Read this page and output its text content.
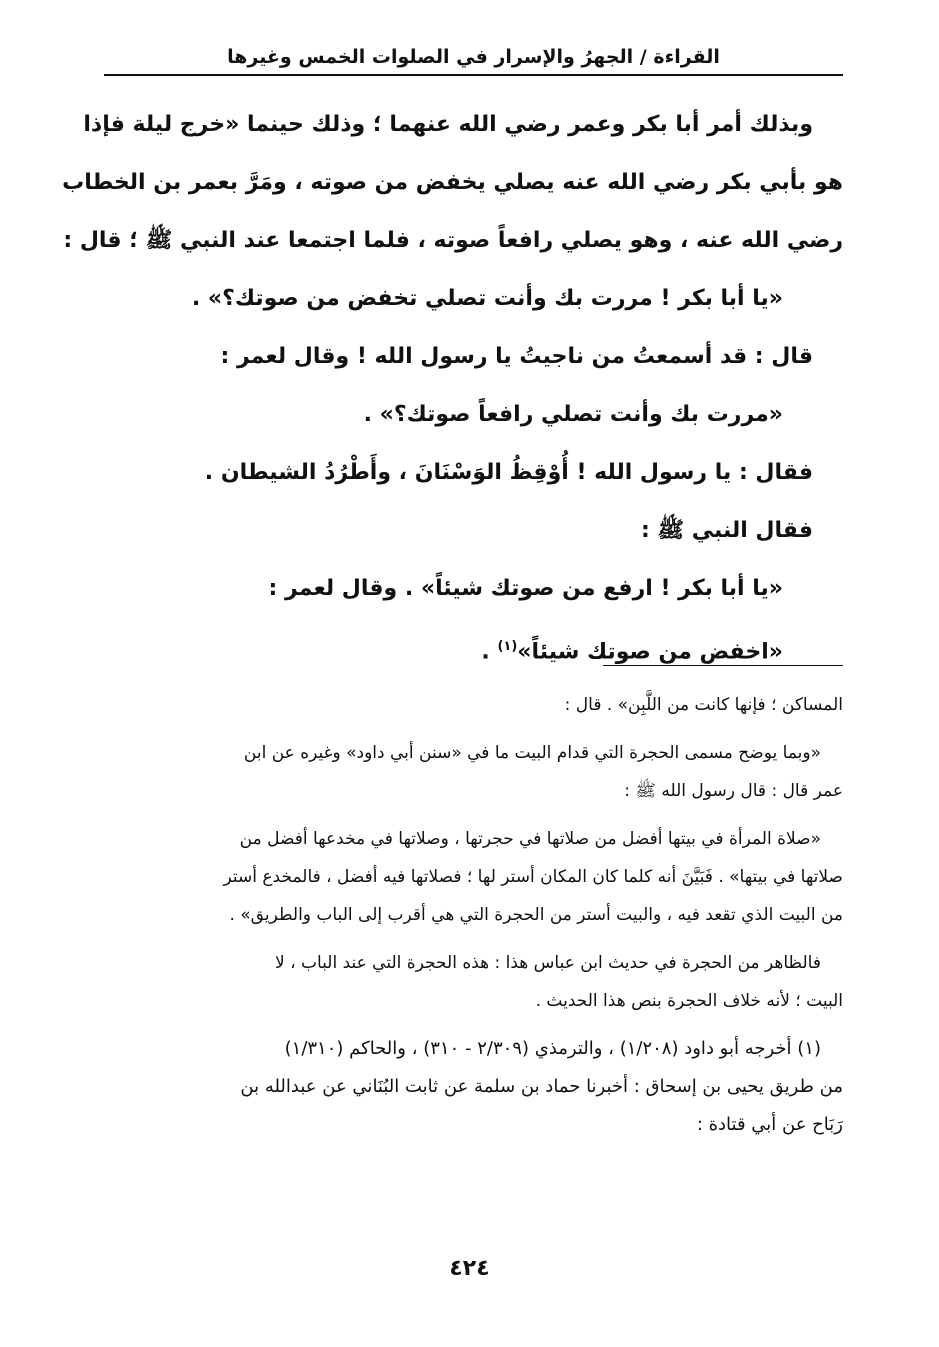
القراءة / الجهرُ والإسرار في الصلوات الخمس وغيرها

وبذلك أمر أبا بكر وعمر رضي الله عنهما ؛ وذلك حينما «خرج ليلة فإذا

هو بأبي بكر رضي الله عنه يصلي يخفض من صوته ، ومَرَّ بعمر بن الخطاب

رضي الله عنه ، وهو يصلي رافعاً صوته ، فلما اجتمعا عند النبي ﷺ ؛ قال :

«يا أبا بكر ! مررت بك وأنت تصلي تخفض من صوتك؟» .

قال : قد أسمعتُ من ناجيتُ يا رسول الله ! وقال لعمر :

«مررت بك وأنت تصلي رافعاً صوتك؟» .

فقال : يا رسول الله ! أُوْقِظُ الوَسْنَانَ ، وأَطْرُدُ الشيطان .

فقال النبي ﷺ :

«يا أبا بكر ! ارفع من صوتك شيئاً» . وقال لعمر :

«اخفض من صوتك شيئاً»$^{(١)}$ .

المساكن ؛ فإنها كانت من اللَّبِن» . قال :
«وبما يوضح مسمى الحجرة التي قدام البيت ما في «سنن أبي داود» وغيره عن ابن
عمر قال : قال رسول الله ﷺ :
«صلاة المرأة في بيتها أفضل من صلاتها في حجرتها ، وصلاتها في مخدعها أفضل من
صلاتها في بيتها» . فَبَيَّنَ أنه كلما كان المكان أستر لها ؛ فصلاتها فيه أفضل ، فالمخدع أستر
من البيت الذي تقعد فيه ، والبيت أستر من الحجرة التي هي أقرب إلى الباب والطريق» .
فالظاهر من الحجرة في حديث ابن عباس هذا : هذه الحجرة التي عند الباب ، لا
البيت ؛ لأنه خلاف الحجرة بنص هذا الحديث .
(١) أخرجه أبو داود (١/٢٠٨) ، والترمذي (٢/٣٠٩ - ٣١٠) ، والحاكم (١/٣١٠)
من طريق يحيى بن إسحاق : أخبرنا حماد بن سلمة عن ثابت البُنَاني عن عبدالله بن
رَبَاح عن أبي قتادة :
٤٢٤
